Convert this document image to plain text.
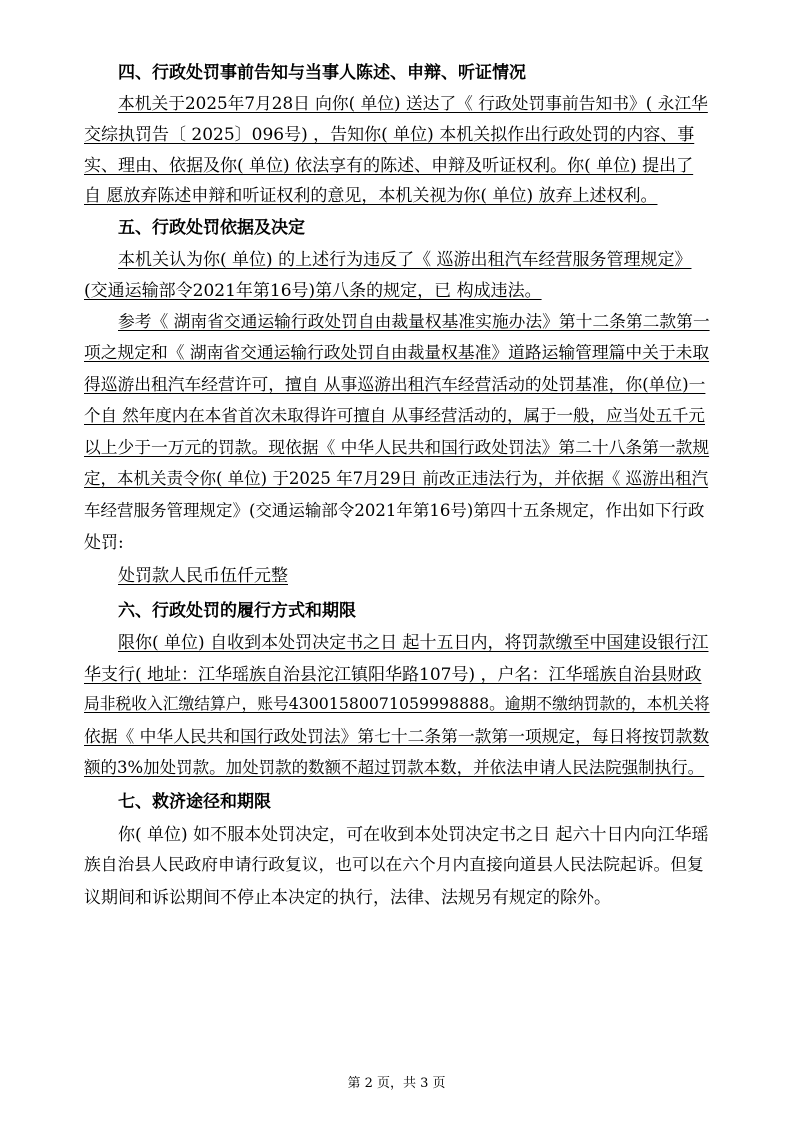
四、行政处罚事前告知与当事人陈述、申辩、听证情况
本机关于2025年7月28日 向你( 单位) 送达了《 行政处罚事前告知书》( 永江华
交综执罚告〔 2025〕096号) ，告知你( 单位) 本机关拟作出行政处罚的内容、事
实、理由、依据及你( 单位) 依法享有的陈述、申辩及听证权利。你( 单位) 提出了
自 愿放弃陈述申辩和听证权利的意见，本机关视为你( 单位) 放弃上述权利。
五、行政处罚依据及决定
本机关认为你( 单位) 的上述行为违反了《 巡游出租汽车经营服务管理规定》
(交通运输部令2021年第16号)第八条的规定，已 构成违法。
参考《 湖南省交通运输行政处罚自由裁量权基准实施办法》第十二条第二款第一
项之规定和《 湖南省交通运输行政处罚自由裁量权基准》道路运输管理篇中关于未取
得巡游出租汽车经营许可，擅自 从事巡游出租汽车经营活动的处罚基准，你(单位)一
个自 然年度内在本省首次未取得许可擅自 从事经营活动的，属于一般，应当处五千元
以上少于一万元的罚款。现依据《 中华人民共和国行政处罚法》第二十八条第一款规
定，本机关责令你( 单位) 于2025 年7月29日 前改正违法行为，并依据《 巡游出租汽
车经营服务管理规定》(交通运输部令2021年第16号)第四十五条规定，作出如下行政
处罚:
处罚款人民币伍仟元整
六、行政处罚的履行方式和期限
限你( 单位) 自收到本处罚决定书之日 起十五日内，将罚款缴至中国建设银行江
华支行( 地址：江华瑶族自治县沱江镇阳华路107号) ，户名：江华瑶族自治县财政
局非税收入汇缴结算户，账号43001580071059998888。逾期不缴纳罚款的，本机关将
依据《 中华人民共和国行政处罚法》第七十二条第一款第一项规定，每日将按罚款数
额的3%加处罚款。加处罚款的数额不超过罚款本数，并依法申请人民法院强制执行。
七、救济途径和期限
你( 单位) 如不服本处罚决定，可在收到本处罚决定书之日 起六十日内向江华瑶
族自治县人民政府申请行政复议，也可以在六个月内直接向道县人民法院起诉。但复
议期间和诉讼期间不停止本决定的执行，法律、法规另有规定的除外。
第 2 页，共 3 页
